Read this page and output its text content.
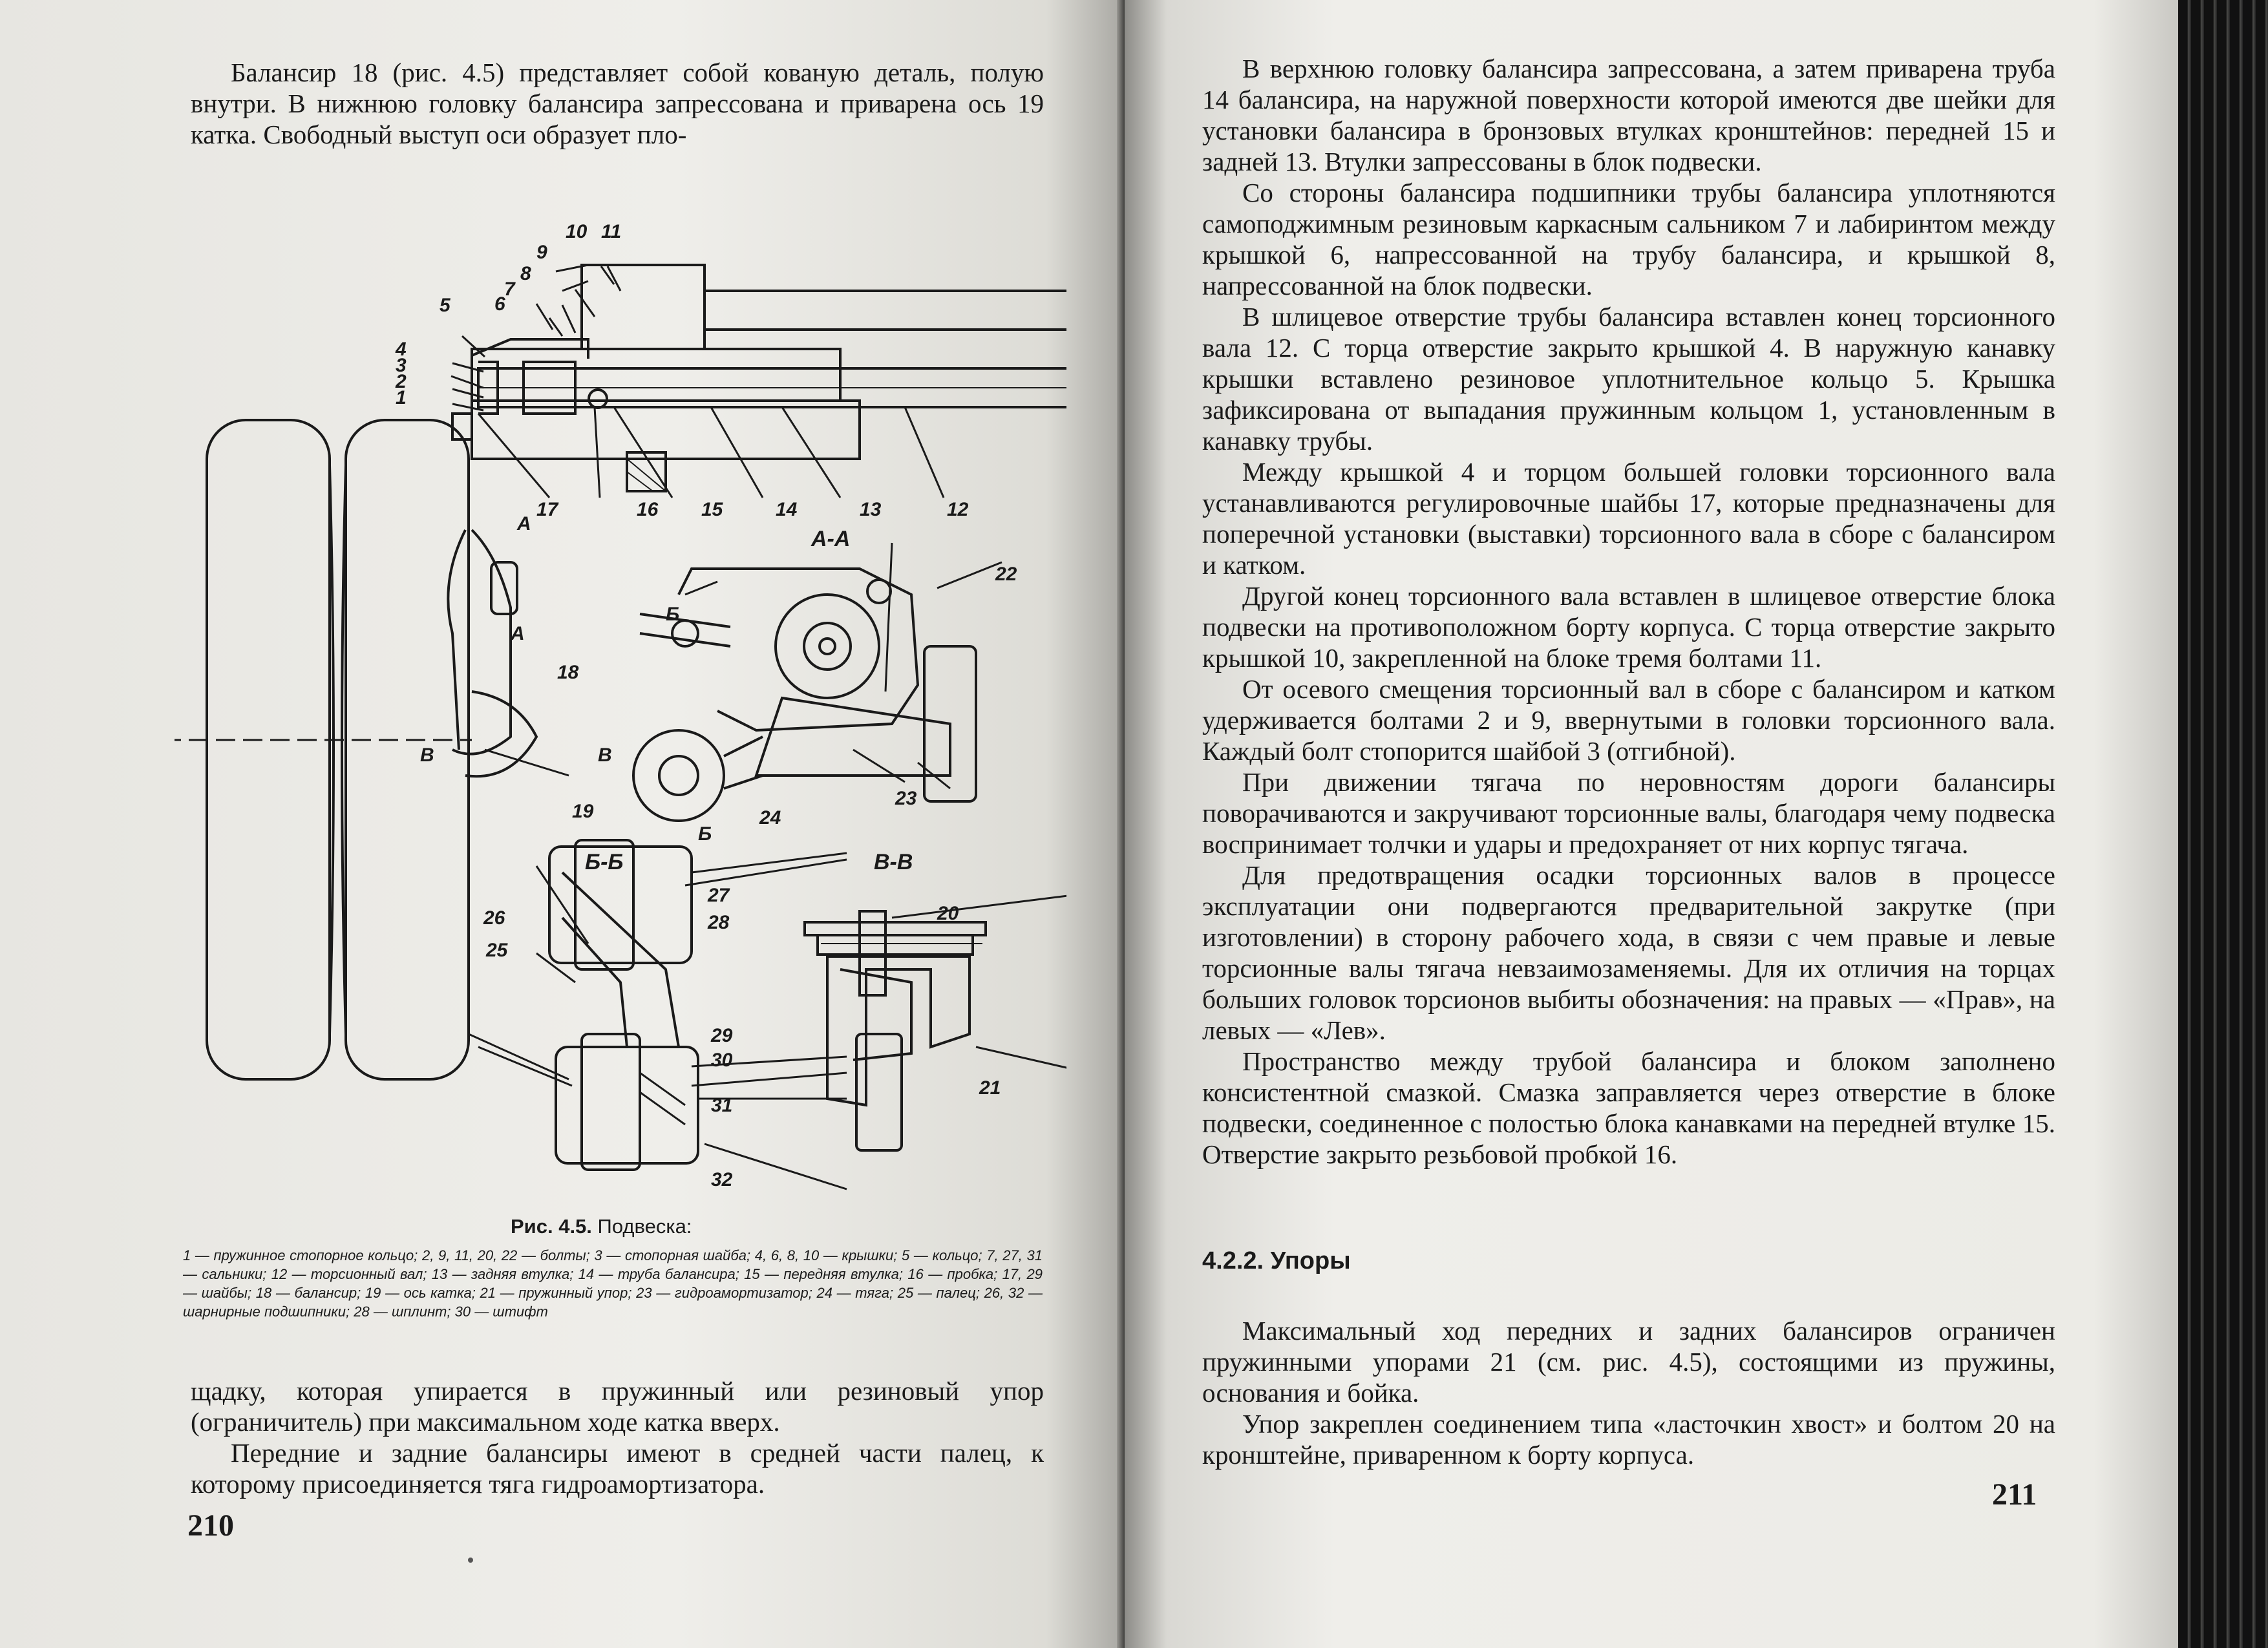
Балансир 18 (рис. 4.5) представляет собой кованую деталь, полую внутри. В нижнюю головку балансира запрессована и приварена ось 19 катка. Свободный выступ оси образует пло-

5
4
3
2
1
6
7
8
9
10 11
12
13
14
15
16
17
18
19
20
21
22
23
24
25
26
27
28
29
30
31
32
А
А
Б
Б
В	В
А-А
Б-Б	В-В
Рис. 4.5. Подвеска:
1 — пружинное стопорное кольцо; 2, 9, 11, 20, 22 — болты; 3 — стопорная шайба; 4, 6, 8, 10 — крышки; 5 — кольцо; 7, 27, 31 — сальники; 12 — торсионный вал; 13 — задняя втулка; 14 — труба балансира; 15 — передняя втулка; 16 — пробка; 17, 29 — шайбы; 18 — балансир; 19 — ось катка; 21 — пружинный упор; 23 — гидроамортизатор; 24 — тяга; 25 — палец; 26, 32 — шарнирные подшипники; 28 — шплинт; 30 — штифт

щадку, которая упирается в пружинный или резиновый упор (ограничитель) при максимальном ходе катка вверх.

Передние и задние балансиры имеют в средней части палец, к которому присоединяется тяга гидроамортизатора.

210

В верхнюю головку балансира запрессована, а затем приварена труба 14 балансира, на наружной поверхности которой имеются две шейки для установки балансира в бронзовых втулках кронштейнов: передней 15 и задней 13. Втулки запрессованы в блок подвески.

Со стороны балансира подшипники трубы балансира уплотняются самоподжимным резиновым каркасным сальником 7 и лабиринтом между крышкой 6, напрессованной на трубу балансира, и крышкой 8, напрессованной на блок подвески.

В шлицевое отверстие трубы балансира вставлен конец торсионного вала 12. С торца отверстие закрыто крышкой 4. В наружную канавку крышки вставлено резиновое уплотнительное кольцо 5. Крышка зафиксирована от выпадания пружинным кольцом 1, установленным в канавку трубы.

Между крышкой 4 и торцом большей головки торсионного вала устанавливаются регулировочные шайбы 17, которые предназначены для поперечной установки (выставки) торсионного вала в сборе с балансиром и катком.

Другой конец торсионного вала вставлен в шлицевое отверстие блока подвески на противоположном борту корпуса. С торца отверстие закрыто крышкой 10, закрепленной на блоке тремя болтами 11.

От осевого смещения торсионный вал в сборе с балансиром и катком удерживается болтами 2 и 9, ввернутыми в головки торсионного вала. Каждый болт стопорится шайбой 3 (отгибной).

При движении тягача по неровностям дороги балансиры поворачиваются и закручивают торсионные валы, благодаря чему подвеска воспринимает толчки и удары и предохраняет от них корпус тягача.

Для предотвращения осадки торсионных валов в процессе эксплуатации они подвергаются предварительной закрутке (при изготовлении) в сторону рабочего хода, в связи с чем правые и левые торсионные валы тягача невзаимозаменяемы. Для их отличия на торцах больших головок торсионов выбиты обозначения: на правых — «Прав», на левых — «Лев».

Пространство между трубой балансира и блоком заполнено консистентной смазкой. Смазка заправляется через отверстие в блоке подвески, соединенное с полостью блока канавками на передней втулке 15. Отверстие закрыто резьбовой пробкой 16.

4.2.2. Упоры

Максимальный ход передних и задних балансиров ограничен пружинными упорами 21 (см. рис. 4.5), состоящими из пружины, основания и бойка.

Упор закреплен соединением типа «ласточкин хвост» и болтом 20 на кронштейне, приваренном к борту корпуса.

211
